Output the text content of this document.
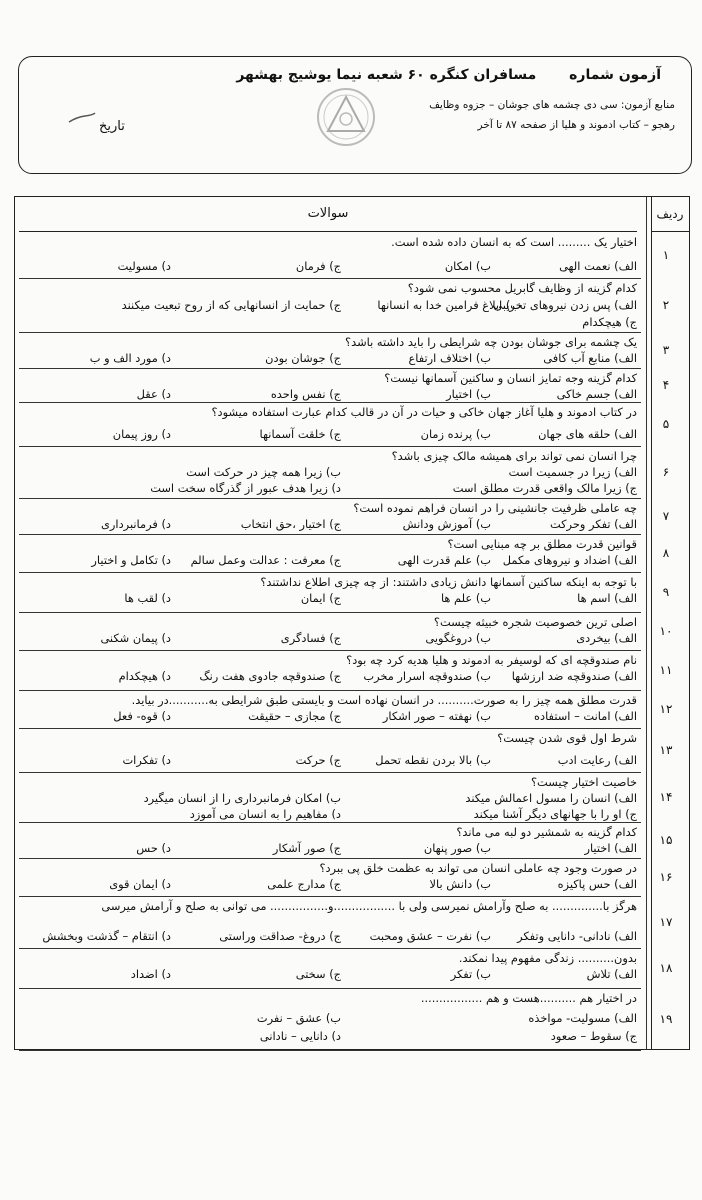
آزمون شماره مسافران کنگره ۶۰ شعبه نیما یوشیج بهشهر
منابع آزمون: سی دی چشمه های جوشان – جزوه وظایف
رهجو – کتاب ادموند و هلیا از صفحه ۸۷ تا آخر
تاریخ
ردیف
سوالات
۱
اختیار یک ......... است که به انسان داده شده است.
الف) نعمت الهی
ب) امکان
ج) فرمان
د) مسولیت
۲
کدام گزینه از وظایف گابریل محسوب نمی شود؟
الف) پس زدن نیروهای تخریبی
ب) ابلاغ فرامین خدا به انسانها
ج) حمایت از انسانهایی که از روح تبعیت میکنند
ج) هیچکدام
۳
یک چشمه برای جوشان بودن چه شرایطی را باید داشته باشد؟
الف) منابع آب کافی
ب) اختلاف ارتفاع
ج) جوشان بودن
د) مورد الف و ب
۴
کدام گزینه وجه تمایز انسان و ساکنین آسمانها نیست؟
الف) جسم خاکی
ب) اختیار
ج) نفس واحده
د) عقل
۵
در کتاب ادموند و هلیا آغاز جهان خاکی و حیات در آن در قالب کدام عبارت استفاده میشود؟
الف) حلقه های جهان
ب) پرنده زمان
ج) خلقت آسمانها
د) روز پیمان
۶
چرا انسان نمی تواند برای همیشه مالک چیزی باشد؟
الف) زیرا در جسمیت است
ب) زیرا همه چیز در حرکت است
ج) زیرا مالک واقعی قدرت مطلق است
د) زیرا هدف عبور از گذرگاه سخت است
۷
چه عاملی ظرفیت جانشینی را در انسان فراهم نموده است؟
الف) تفکر وحرکت
ب) آموزش ودانش
ج) اختیار ،حق انتخاب
د) فرمانبرداری
۸
قوانین قدرت مطلق بر چه مبنایی است؟
الف) اضداد و نیروهای مکمل
ب) علم قدرت الهی
ج) معرفت : عدالت وعمل سالم
د) تکامل و اختیار
۹
با توجه به اینکه ساکنین آسمانها دانش زیادی داشتند: از چه چیزی اطلاع نداشتند؟
الف) اسم ها
ب) علم ها
ج) ایمان
د) لقب ها
۱۰
اصلی ترین خصوصیت شجره خبیثه چیست؟
الف) بیخردی
ب) دروغگویی
ج) فسادگری
د) پیمان شکنی
۱۱
نام صندوقچه ای که لوسیفر به ادموند و هلیا هدیه کرد چه بود؟
الف) صندوقچه ضد ارزشها
ب) صندوقچه اسرار مخرب
ج) صندوقچه جادوی هفت رنگ
د) هیچکدام
۱۲
قدرت مطلق همه چیز را به صورت.......... در انسان نهاده است و بایستی طبق شرایطی به...........در بیاید.
الف) امانت – استفاده
ب) نهفته – صور اشکار
ج) مجازی – حقیقت
د) قوه- فعل
۱۳
شرط اول قوی شدن چیست؟
الف) رعایت ادب
ب) بالا بردن نقطه تحمل
ج) حرکت
د) تفکرات
۱۴
خاصیت اختیار چیست؟
الف) انسان را مسول اعمالش میکند
ب) امکان فرمانبرداری را از انسان میگیرد
ج) او را با جهانهای دیگر آشنا میکند
د) مفاهیم را به انسان می آموزد
۱۵
کدام گزینه به شمشیر دو لبه می ماند؟
الف) اختیار
ب) صور پنهان
ج) صور آشکار
د) حس
۱۶
در صورت وجود چه عاملی انسان می تواند به عظمت خلق پی ببرد؟
الف) حس پاکیزه
ب) دانش بالا
ج) مدارج علمی
د) ایمان قوی
۱۷
هرگز با.............. به صلح وآرامش نمیرسی ولی با .................و................ می توانی به صلح و آرامش میرسی
الف) نادانی- دانایی وتفکر
ب) نفرت – عشق ومحبت
ج) دروغ- صداقت وراستی
د) انتقام – گذشت وبخشش
۱۸
بدون.......... زندگی مفهوم پیدا نمکند.
الف) تلاش
ب) تفکر
ج) سختی
د) اضداد
۱۹
در اختیار هم ..........هست و هم .................
الف) مسولیت- مواخذه
ب) عشق – نفرت
ج) سقوط – صعود
د) دانایی – نادانی
